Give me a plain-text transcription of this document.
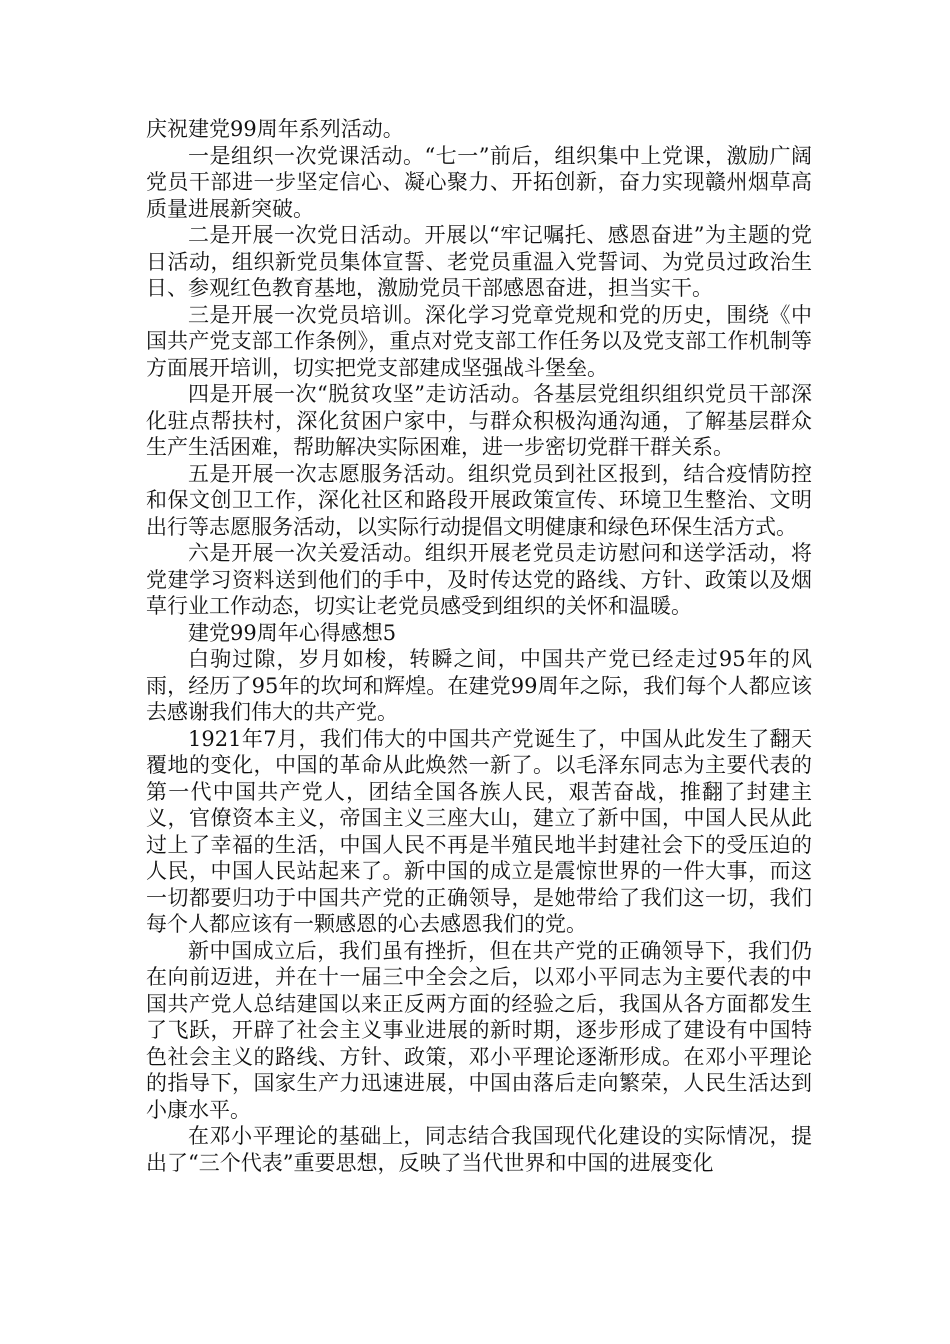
庆祝建党99周年系列活动。

一是组织一次党课活动。“七一”前后，组织集中上党课，激励广阔党员干部进一步坚定信心、凝心聚力、开拓创新，奋力实现赣州烟草高质量进展新突破。

二是开展一次党日活动。开展以“牢记嘱托、感恩奋进”为主题的党日活动，组织新党员集体宣誓、老党员重温入党誓词、为党员过政治生日、参观红色教育基地，激励党员干部感恩奋进，担当实干。

三是开展一次党员培训。深化学习党章党规和党的历史，围绕《中国共产党支部工作条例》，重点对党支部工作任务以及党支部工作机制等方面展开培训，切实把党支部建成坚强战斗堡垒。

四是开展一次“脱贫攻坚”走访活动。各基层党组织组织党员干部深化驻点帮扶村，深化贫困户家中，与群众积极沟通沟通，了解基层群众生产生活困难，帮助解决实际困难，进一步密切党群干群关系。

五是开展一次志愿服务活动。组织党员到社区报到，结合疫情防控和保文创卫工作，深化社区和路段开展政策宣传、环境卫生整治、文明出行等志愿服务活动，以实际行动提倡文明健康和绿色环保生活方式。

六是开展一次关爱活动。组织开展老党员走访慰问和送学活动，将党建学习资料送到他们的手中，及时传达党的路线、方针、政策以及烟草行业工作动态，切实让老党员感受到组织的关怀和温暖。

建党99周年心得感想5

白驹过隙，岁月如梭，转瞬之间，中国共产党已经走过95年的风雨，经历了95年的坎坷和辉煌。在建党99周年之际，我们每个人都应该去感谢我们伟大的共产党。

1921年7月，我们伟大的中国共产党诞生了，中国从此发生了翻天覆地的变化，中国的革命从此焕然一新了。以毛泽东同志为主要代表的第一代中国共产党人，团结全国各族人民，艰苦奋战，推翻了封建主义，官僚资本主义，帝国主义三座大山，建立了新中国，中国人民从此过上了幸福的生活，中国人民不再是半殖民地半封建社会下的受压迫的人民，中国人民站起来了。新中国的成立是震惊世界的一件大事，而这一切都要归功于中国共产党的正确领导，是她带给了我们这一切，我们每个人都应该有一颗感恩的心去感恩我们的党。

新中国成立后，我们虽有挫折，但在共产党的正确领导下，我们仍在向前迈进，并在十一届三中全会之后，以邓小平同志为主要代表的中国共产党人总结建国以来正反两方面的经验之后，我国从各方面都发生了飞跃，开辟了社会主义事业进展的新时期，逐步形成了建设有中国特色社会主义的路线、方针、政策，邓小平理论逐渐形成。在邓小平理论的指导下，国家生产力迅速进展，中国由落后走向繁荣，人民生活达到小康水平。

在邓小平理论的基础上，同志结合我国现代化建设的实际情况，提出了“三个代表”重要思想，反映了当代世界和中国的进展变化
